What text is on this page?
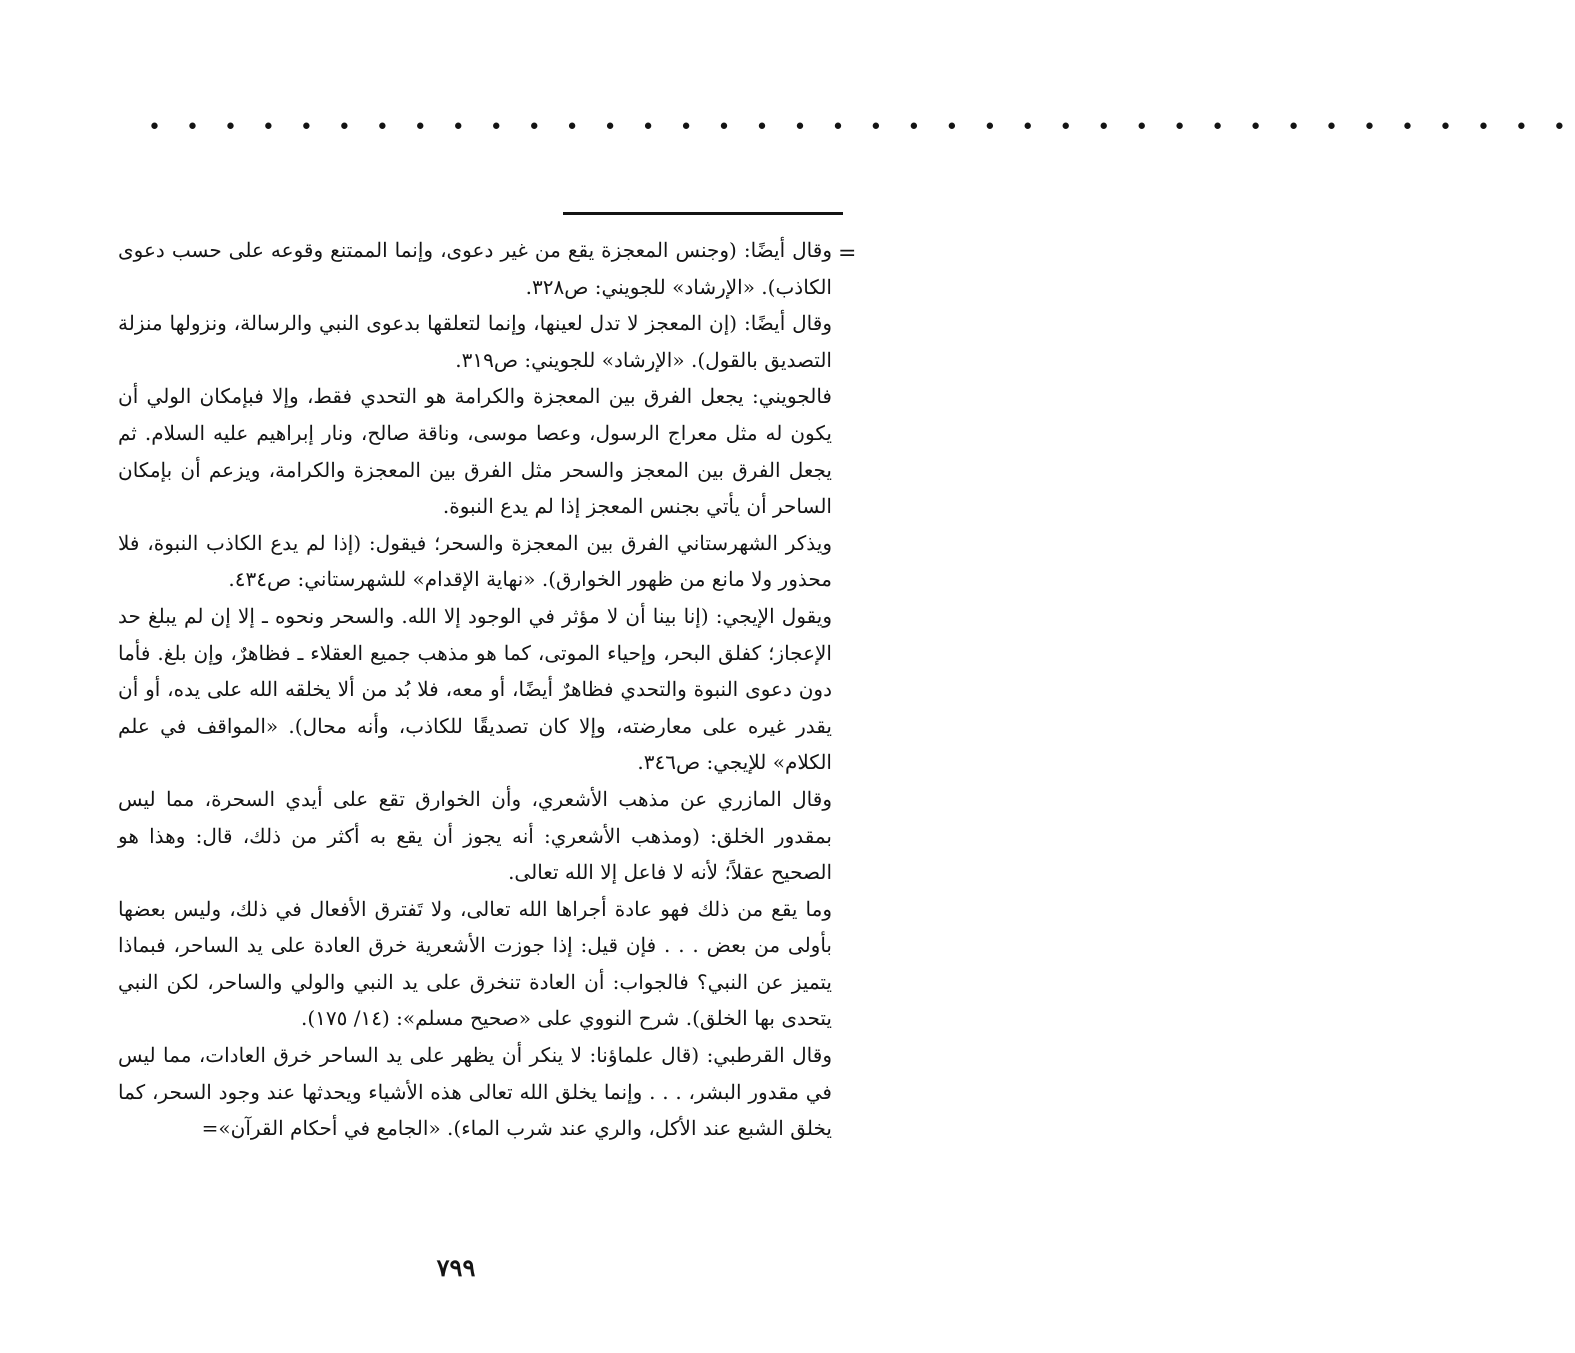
• • • • • • • • • • • • • • • • • • • • • • • • • • • • • • • • • • • • • •
=

وقال أيضًا: (وجنس المعجزة يقع من غير دعوى، وإنما الممتنع وقوعه على حسب دعوى الكاذب). «الإرشاد» للجويني: ص٣٢٨.

وقال أيضًا: (إن المعجز لا تدل لعينها، وإنما لتعلقها بدعوى النبي والرسالة، ونزولها منزلة التصديق بالقول). «الإرشاد» للجويني: ص٣١٩.

فالجويني: يجعل الفرق بين المعجزة والكرامة هو التحدي فقط، وإلا فبإمكان الولي أن يكون له مثل معراج الرسول، وعصا موسى، وناقة صالح، ونار إبراهيم عليه السلام. ثم يجعل الفرق بين المعجز والسحر مثل الفرق بين المعجزة والكرامة، ويزعم أن بإمكان الساحر أن يأتي بجنس المعجز إذا لم يدع النبوة.

ويذكر الشهرستاني الفرق بين المعجزة والسحر؛ فيقول: (إذا لم يدع الكاذب النبوة، فلا محذور ولا مانع من ظهور الخوارق). «نهاية الإقدام» للشهرستاني: ص٤٣٤.

ويقول الإيجي: (إنا بينا أن لا مؤثر في الوجود إلا الله. والسحر ونحوه ـ إلا إن لم يبلغ حد الإعجاز؛ كفلق البحر، وإحياء الموتى، كما هو مذهب جميع العقلاء ـ فظاهرٌ، وإن بلغ. فأما دون دعوى النبوة والتحدي فظاهرٌ أيضًا، أو معه، فلا بُد من ألا يخلقه الله على يده، أو أن يقدر غيره على معارضته، وإلا كان تصديقًا للكاذب، وأنه محال). «المواقف في علم الكلام» للإيجي: ص٣٤٦.

وقال المازري عن مذهب الأشعري، وأن الخوارق تقع على أيدي السحرة، مما ليس بمقدور الخلق: (ومذهب الأشعري: أنه يجوز أن يقع به أكثر من ذلك، قال: وهذا هو الصحيح عقلاً؛ لأنه لا فاعل إلا الله تعالى.

وما يقع من ذلك فهو عادة أجراها الله تعالى، ولا تَفترق الأفعال في ذلك، وليس بعضها بأولى من بعض . . . فإن قيل: إذا جوزت الأشعرية خرق العادة على يد الساحر، فبماذا يتميز عن النبي؟ فالجواب: أن العادة تنخرق على يد النبي والولي والساحر، لكن النبي يتحدى بها الخلق). شرح النووي على «صحيح مسلم»: (١٤/ ١٧٥).

وقال القرطبي: (قال علماؤنا: لا ينكر أن يظهر على يد الساحر خرق العادات، مما ليس في مقدور البشر، . . . وإنما يخلق الله تعالى هذه الأشياء ويحدثها عند وجود السحر، كما يخلق الشبع عند الأكل، والري عند شرب الماء). «الجامع في أحكام القرآن»=

٧٩٩
